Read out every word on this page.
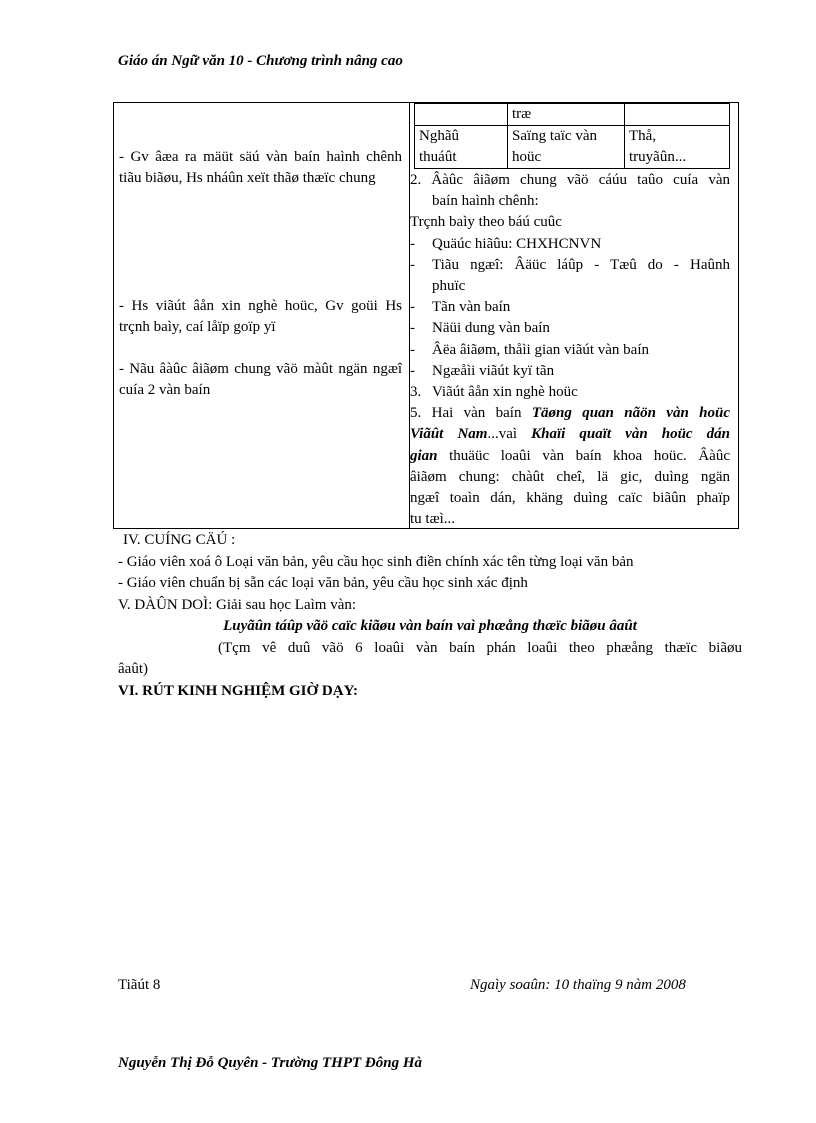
Giáo án Ngữ văn 10 - Chương trình nâng cao

- Gv âæa ra mäüt säú vàn baín haình chênh tiãu biãøu, Hs nháûn xeït thãø thæïc chung

- Hs viãút âån xin nghè hoüc, Gv goüi Hs trçnh baìy, caí låïp goïp yï

- Nãu âàûc âiãøm chung vãö màût ngän ngæî cuía 2 vàn baín

	træ	
Nghãû
thuáût	Saïng taïc vàn
hoüc	Thå,
truyãûn...
2. Âàûc âiãøm chung vãö cáúu taûo cuía vàn
baín haình chênh:
Trçnh baìy theo báú cuûc
- Quäúc hiãûu: CHXHCNVN
-	Tiãu ngæî: Âäüc láûp - Tæû do - Haûnh
phuïc
- Tãn vàn baín
- Näüi dung vàn baín
- Âëa âiãøm, thåìi gian viãút vàn baín
- Ngæåìi viãút kyï tãn
3. Viãút âån xin nghè hoüc
5. Hai vàn baín Täøng quan nãön vàn hoüc
Viãût Nam...vaì Khaïi quaït vàn hoüc dán
gian thuäüc loaûi vàn baín khoa hoüc. Âàûc
âiãøm chung: chàût cheî, lä gic, duìng ngän
ngæî toaìn dán, khäng duìng caïc biãûn phaïp
tu tæì...
IV. CUÍNG CÄÚ :
- Giáo viên xoá ô Loại văn bản, yêu cầu học sinh điền chính xác tên từng loại văn bản
- Giáo viên chuẩn bị sẵn các loại văn bản, yêu cầu học sinh xác định
V. DÀÛN DOÌ: Giải sau học Laìm vàn:
Luyãûn táûp vãö caïc kiãøu vàn baín vaì phæång thæïc biãøu âaût
(Tçm vê duû vãö 6 loaûi vàn baín phán loaûi theo phæång thæïc biãøu
âaût)
VI. RÚT KINH NGHIỆM GIỜ DẠY:
Tiãút 8	Ngaìy soaûn: 10 thaïng 9 nàm 2008
Nguyễn Thị Đỗ Quyên - Trường THPT Đông Hà
